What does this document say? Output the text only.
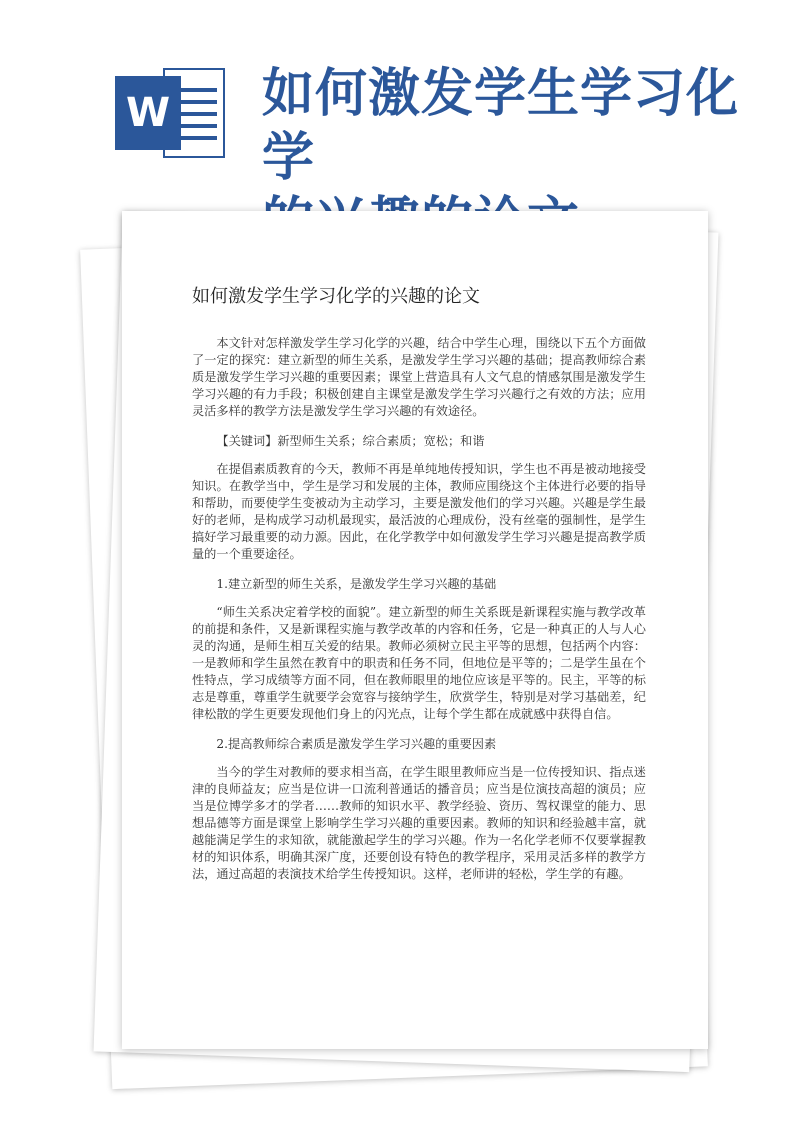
W 如何激发学生学习化学
如何激发学生学习化学的兴趣的论文

本文针对怎样激发学生学习化学的兴趣，结合中学生心理，围绕以下五个方面做了一定的探究：建立新型的师生关系，是激发学生学习兴趣的基础；提高教师综合素质是激发学生学习兴趣的重要因素；课堂上营造具有人文气息的情感氛围是激发学生学习兴趣的有力手段；积极创建自主课堂是激发学生学习兴趣行之有效的方法；应用灵活多样的教学方法是激发学生学习兴趣的有效途径。

【关键词】新型师生关系；综合素质；宽松；和谐

在提倡素质教育的今天，教师不再是单纯地传授知识，学生也不再是被动地接受知识。在教学当中，学生是学习和发展的主体，教师应围绕这个主体进行必要的指导和帮助，而要使学生变被动为主动学习，主要是激发他们的学习兴趣。兴趣是学生最好的老师，是构成学习动机最现实，最活波的心理成份，没有丝毫的强制性，是学生搞好学习最重要的动力源。因此，在化学教学中如何激发学生学习兴趣是提高教学质量的一个重要途径。

1.建立新型的师生关系，是激发学生学习兴趣的基础

“师生关系决定着学校的面貌”。建立新型的师生关系既是新课程实施与教学改革的前提和条件，又是新课程实施与教学改革的内容和任务，它是一种真正的人与人心灵的沟通，是师生相互关爱的结果。教师必须树立民主平等的思想，包括两个内容：一是教师和学生虽然在教育中的职责和任务不同，但地位是平等的；二是学生虽在个性特点，学习成绩等方面不同，但在教师眼里的地位应该是平等的。民主，平等的标志是尊重，尊重学生就要学会宽容与接纳学生，欣赏学生，特别是对学习基础差，纪律松散的学生更要发现他们身上的闪光点，让每个学生都在成就感中获得自信。

2.提高教师综合素质是激发学生学习兴趣的重要因素

当今的学生对教师的要求相当高，在学生眼里教师应当是一位传授知识、指点迷津的良师益友；应当是位讲一口流利普通话的播音员；应当是位演技高超的演员；应当是位博学多才的学者……教师的知识水平、教学经验、资历、驾权课堂的能力、思想品德等方面是课堂上影响学生学习兴趣的重要因素。教师的知识和经验越丰富，就越能满足学生的求知欲，就能激起学生的学习兴趣。作为一名化学老师不仅要掌握教材的知识体系，明确其深广度，还要创设有特色的教学程序，采用灵活多样的教学方法，通过高超的表演技术给学生传授知识。这样，老师讲的轻松，学生学的有趣。
